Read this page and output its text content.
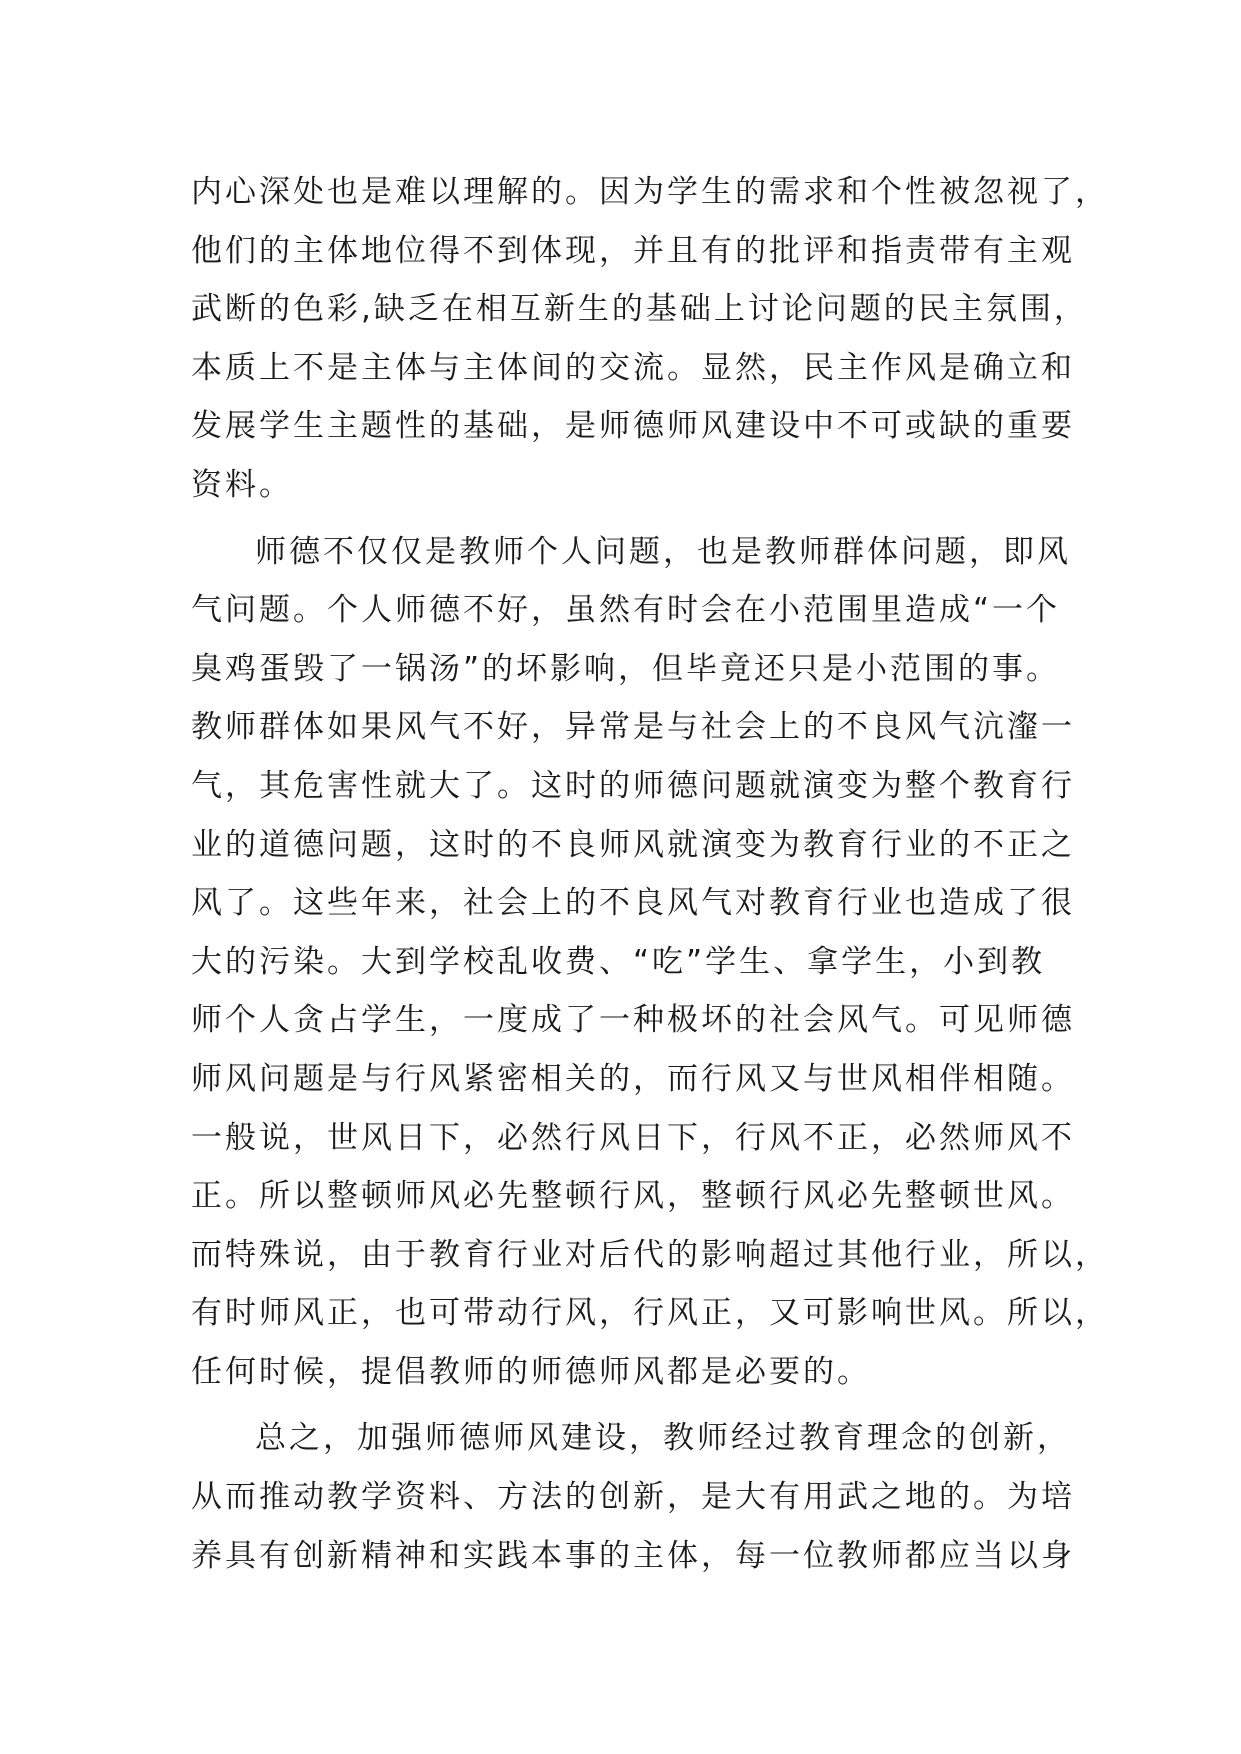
内心深处也是难以理解的。因为学生的需求和个性被忽视了，
他们的主体地位得不到体现，并且有的批评和指责带有主观
武断的色彩,缺乏在相互新生的基础上讨论问题的民主氛围，
本质上不是主体与主体间的交流。显然，民主作风是确立和
发展学生主题性的基础，是师德师风建设中不可或缺的重要
资料。
师德不仅仅是教师个人问题，也是教师群体问题，即风
气问题。个人师德不好，虽然有时会在小范围里造成“一个
臭鸡蛋毁了一锅汤”的坏影响，但毕竟还只是小范围的事。
教师群体如果风气不好，异常是与社会上的不良风气沆瀣一
气，其危害性就大了。这时的师德问题就演变为整个教育行
业的道德问题，这时的不良师风就演变为教育行业的不正之
风了。这些年来，社会上的不良风气对教育行业也造成了很
大的污染。大到学校乱收费、“吃”学生、拿学生，小到教
师个人贪占学生，一度成了一种极坏的社会风气。可见师德
师风问题是与行风紧密相关的，而行风又与世风相伴相随。
一般说，世风日下，必然行风日下，行风不正，必然师风不
正。所以整顿师风必先整顿行风，整顿行风必先整顿世风。
而特殊说，由于教育行业对后代的影响超过其他行业，所以，
有时师风正，也可带动行风，行风正，又可影响世风。所以，
任何时候，提倡教师的师德师风都是必要的。
总之，加强师德师风建设，教师经过教育理念的创新，
从而推动教学资料、方法的创新，是大有用武之地的。为培
养具有创新精神和实践本事的主体，每一位教师都应当以身
